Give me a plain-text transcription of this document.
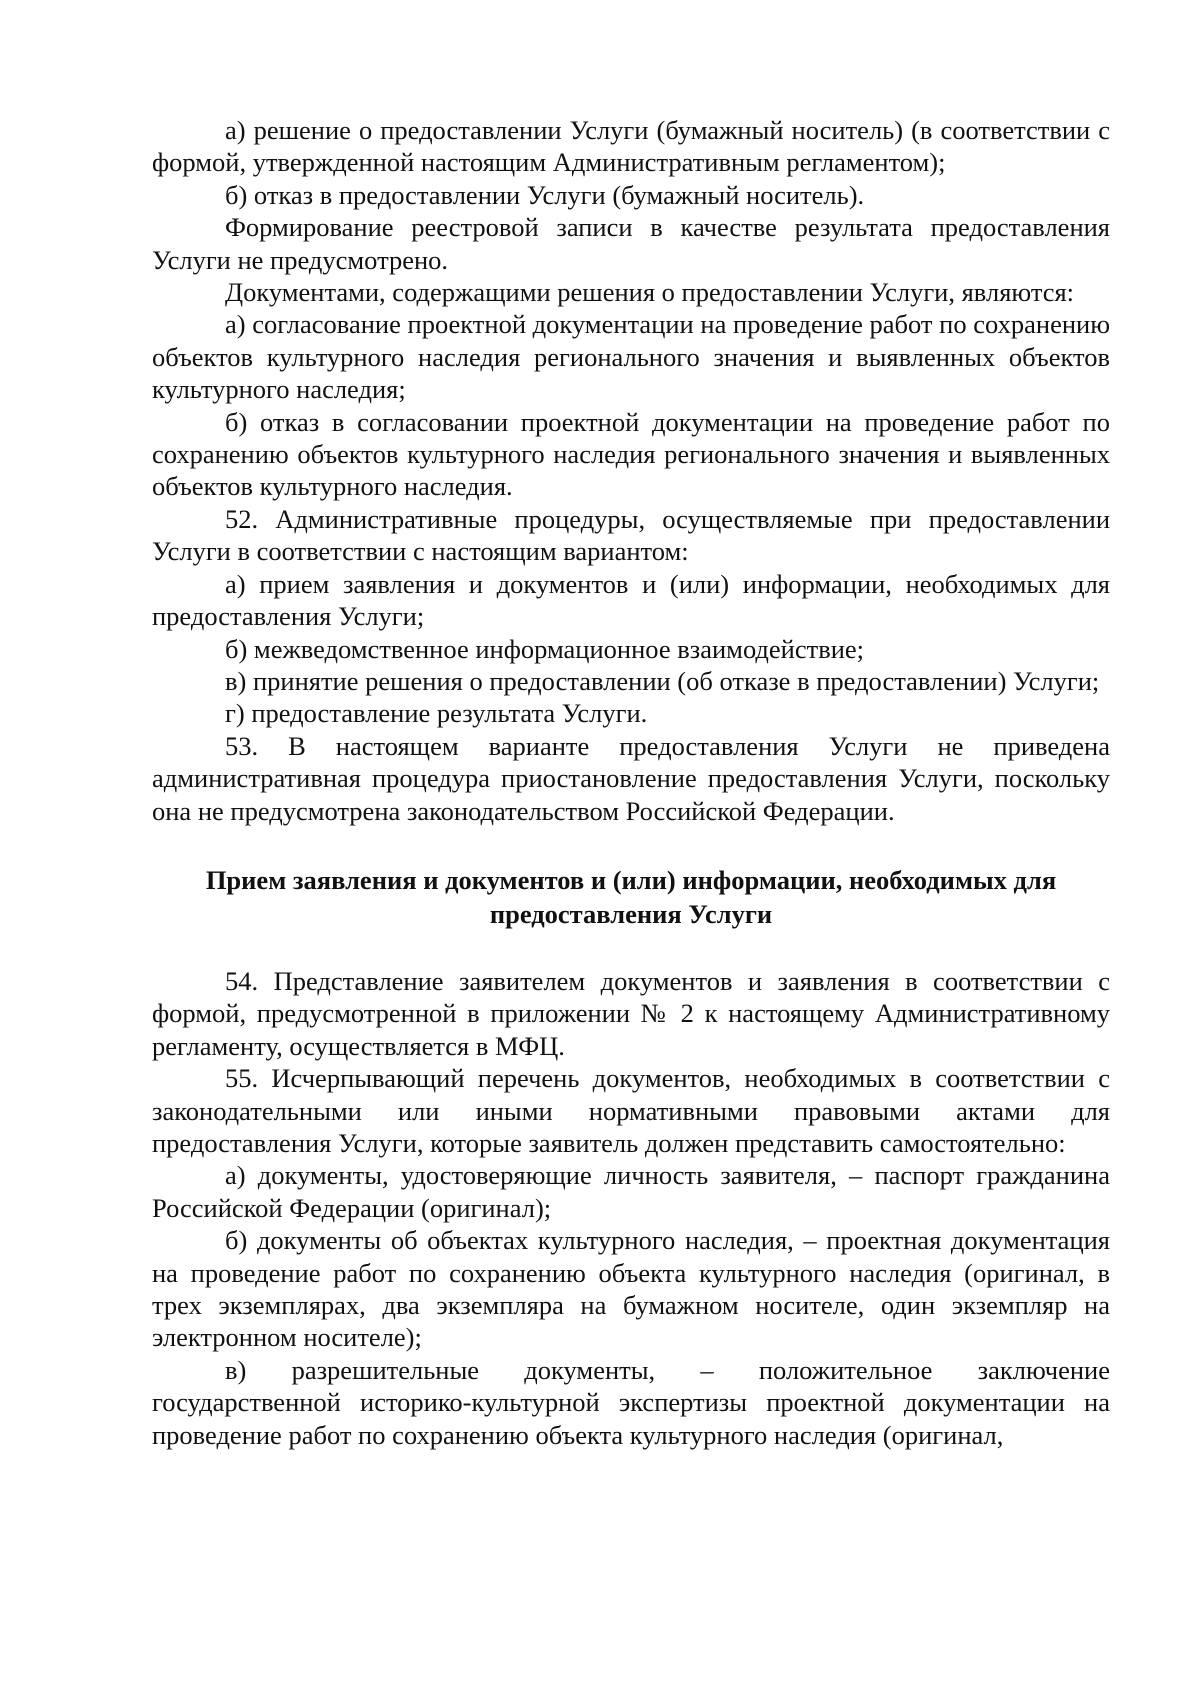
а) решение о предоставлении Услуги (бумажный носитель) (в соответствии с формой, утвержденной настоящим Административным регламентом);

б) отказ в предоставлении Услуги (бумажный носитель).

Формирование реестровой записи в качестве результата предоставления Услуги не предусмотрено.

Документами, содержащими решения о предоставлении Услуги, являются:

а) согласование проектной документации на проведение работ по сохранению объектов культурного наследия регионального значения и выявленных объектов культурного наследия;

б) отказ в согласовании проектной документации на проведение работ по сохранению объектов культурного наследия регионального значения и выявленных объектов культурного наследия.

52. Административные процедуры, осуществляемые при предоставлении Услуги в соответствии с настоящим вариантом:

а) прием заявления и документов и (или) информации, необходимых для предоставления Услуги;

б) межведомственное информационное взаимодействие;

в) принятие решения о предоставлении (об отказе в предоставлении) Услуги;

г) предоставление результата Услуги.

53. В настоящем варианте предоставления Услуги не приведена административная процедура приостановление предоставления Услуги, поскольку она не предусмотрена законодательством Российской Федерации.

Прием заявления и документов и (или) информации, необходимых для предоставления Услуги

54. Представление заявителем документов и заявления в соответствии с формой, предусмотренной в приложении № 2 к настоящему Административному регламенту, осуществляется в МФЦ.

55. Исчерпывающий перечень документов, необходимых в соответствии с законодательными или иными нормативными правовыми актами для предоставления Услуги, которые заявитель должен представить самостоятельно:

а) документы, удостоверяющие личность заявителя, – паспорт гражданина Российской Федерации (оригинал);

б) документы об объектах культурного наследия, – проектная документация на проведение работ по сохранению объекта культурного наследия (оригинал, в трех экземплярах, два экземпляра на бумажном носителе, один экземпляр на электронном носителе);

в) разрешительные документы, – положительное заключение государственной историко-культурной экспертизы проектной документации на проведение работ по сохранению объекта культурного наследия (оригинал,
